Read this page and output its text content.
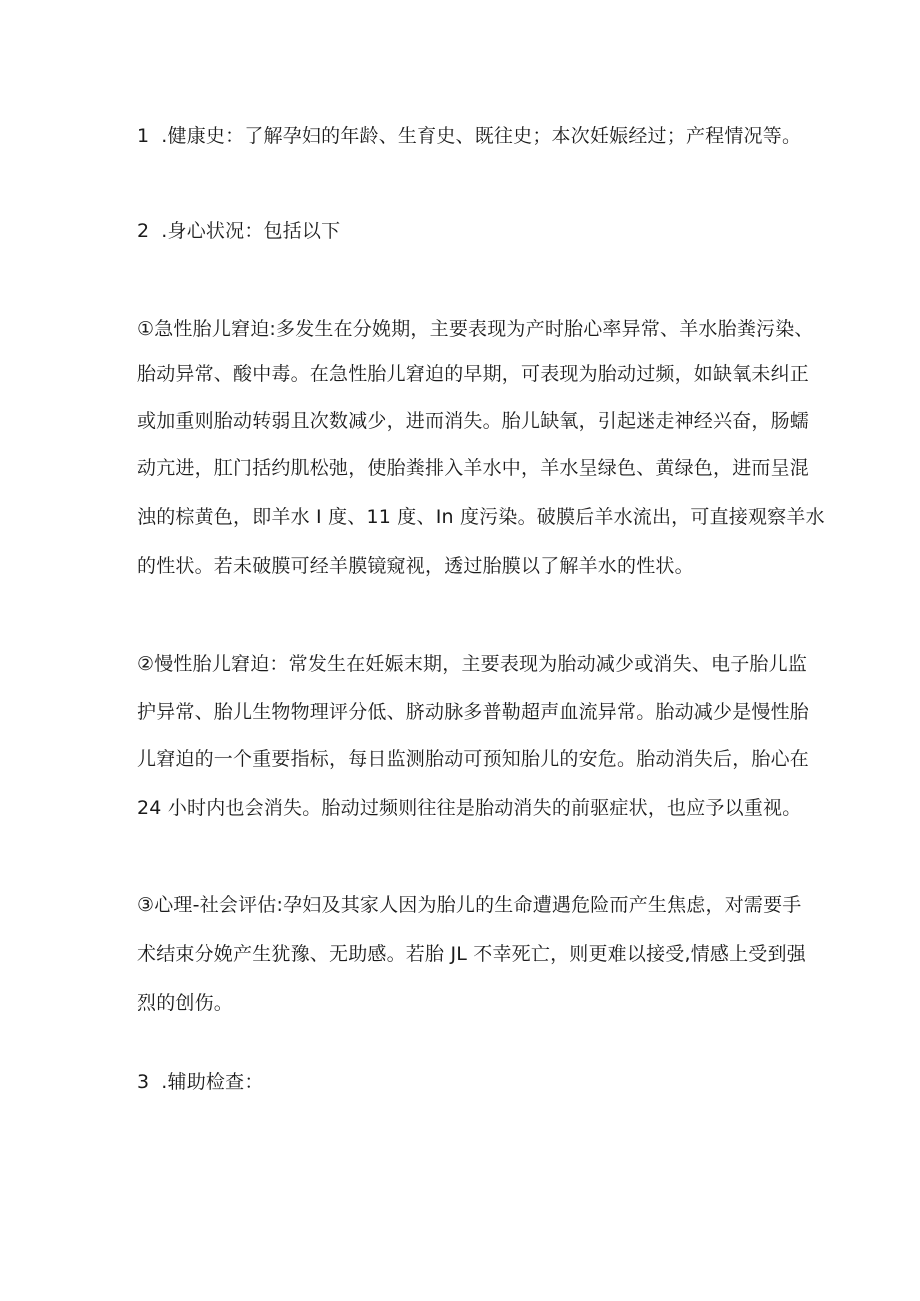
1 .健康史：了解孕妇的年龄、生育史、既往史；本次妊娠经过；产程情况等。
2 .身心状况：包括以下
①急性胎儿窘迫:多发生在分娩期，主要表现为产时胎心率异常、羊水胎粪污染、
胎动异常、酸中毒。在急性胎儿窘迫的早期，可表现为胎动过频，如缺氧未纠正
或加重则胎动转弱且次数减少，进而消失。胎儿缺氧，引起迷走神经兴奋，肠蠕
动亢进，肛门括约肌松弛，使胎粪排入羊水中，羊水呈绿色、黄绿色，进而呈混
浊的棕黄色，即羊水 I 度、11 度、In 度污染。破膜后羊水流出，可直接观察羊水
的性状。若未破膜可经羊膜镜窥视，透过胎膜以了解羊水的性状。
②慢性胎儿窘迫：常发生在妊娠末期，主要表现为胎动减少或消失、电子胎儿监
护异常、胎儿生物物理评分低、脐动脉多普勒超声血流异常。胎动减少是慢性胎
儿窘迫的一个重要指标，每日监测胎动可预知胎儿的安危。胎动消失后，胎心在
24 小时内也会消失。胎动过频则往往是胎动消失的前驱症状，也应予以重视。
③心理-社会评估:孕妇及其家人因为胎儿的生命遭遇危险而产生焦虑，对需要手
术结束分娩产生犹豫、无助感。若胎 JL 不幸死亡，则更难以接受,情感上受到强
烈的创伤。
3 .辅助检查：
